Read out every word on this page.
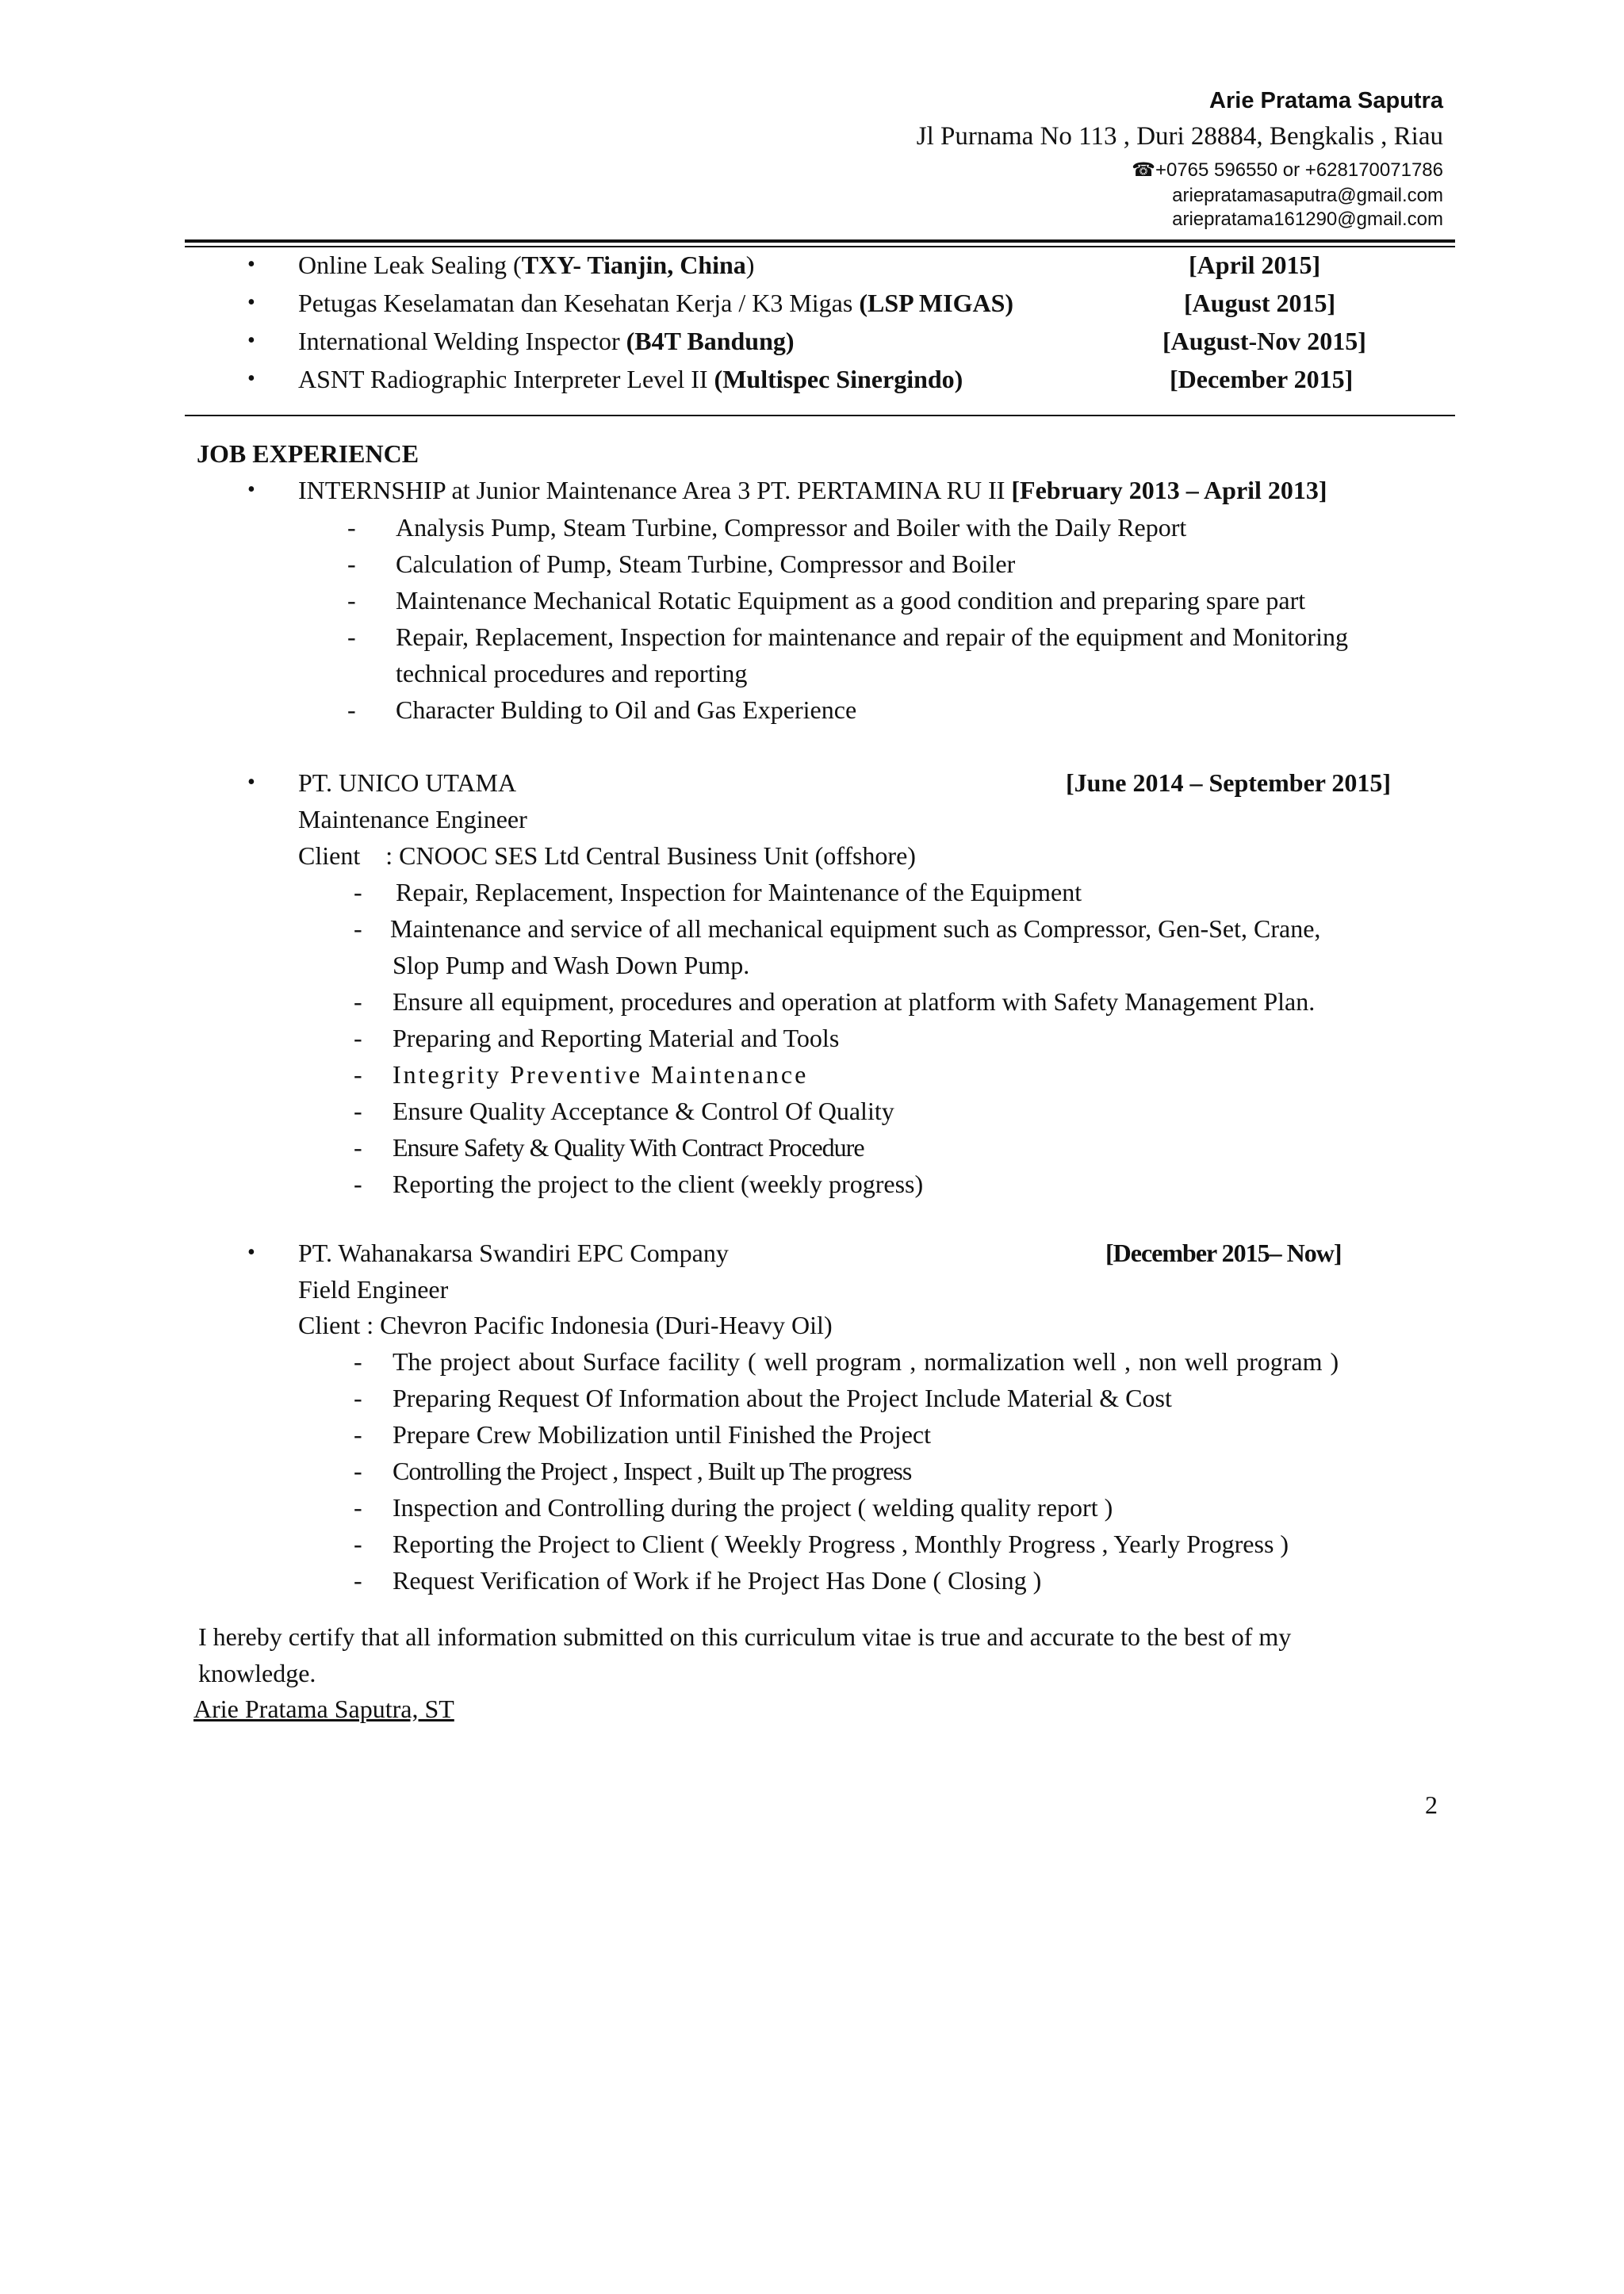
Arie Pratama Saputra
Jl Purnama No 113 , Duri 28884, Bengkalis , Riau
☎+0765 596550 or +628170071786
ariepratamasaputra@gmail.com
ariepratama161290@gmail.com
• Online Leak Sealing (TXY- Tianjin, China)	[April 2015]
• Petugas Keselamatan dan Kesehatan Kerja / K3 Migas (LSP MIGAS)	[August 2015]
• International Welding Inspector (B4T Bandung)	[August-Nov 2015]
• ASNT Radiographic Interpreter Level II (Multispec Sinergindo)	[December 2015]
JOB EXPERIENCE
• INTERNSHIP at Junior Maintenance Area 3 PT. PERTAMINA RU II [February 2013 – April 2013]
- Analysis Pump, Steam Turbine, Compressor and Boiler with the Daily Report
- Calculation of Pump, Steam Turbine, Compressor and Boiler
- Maintenance Mechanical Rotatic Equipment as a good condition and preparing spare part
- Repair, Replacement, Inspection for maintenance and repair of the equipment and Monitoring
technical procedures and reporting
- Character Bulding to Oil and Gas Experience
• PT. UNICO UTAMA	[June 2014 – September 2015]
Maintenance Engineer
Client    : CNOOC SES Ltd Central Business Unit (offshore)
- Repair, Replacement, Inspection for Maintenance of the Equipment
- Maintenance and service of all mechanical equipment such as Compressor, Gen-Set, Crane,
Slop Pump and Wash Down Pump.
- Ensure all equipment, procedures and operation at platform with Safety Management Plan.
- Preparing and Reporting Material and Tools
- Integrity Preventive Maintenance
- Ensure Quality Acceptance & Control Of Quality
- Ensure Safety & Quality With Contract Procedure
- Reporting the project to the client (weekly progress)
• PT. Wahanakarsa Swandiri EPC Company	[December 2015– Now]
Field Engineer
Client : Chevron Pacific Indonesia (Duri-Heavy Oil)
- The project about Surface facility ( well program , normalization well , non well program )
- Preparing Request Of Information about the Project Include Material & Cost
- Prepare Crew Mobilization until Finished the Project
- Controlling the Project , Inspect , Built up The progress
- Inspection and Controlling during the project ( welding quality report )
- Reporting the Project to Client ( Weekly Progress , Monthly Progress , Yearly Progress )
- Request Verification of Work if he Project Has Done ( Closing )
I hereby certify that all information submitted on this curriculum vitae is true and accurate to the best of my
knowledge.
Arie Pratama Saputra, ST
2
